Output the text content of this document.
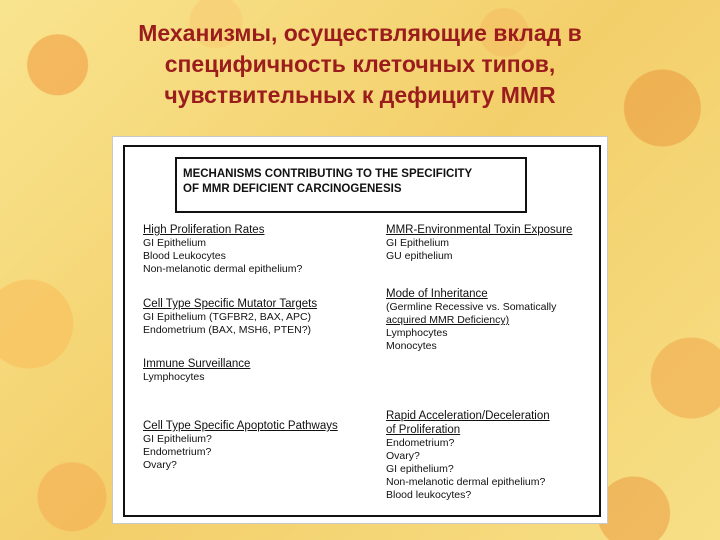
Механизмы, осуществляющие вклад в
специфичность клеточных типов,
чувствительных к дефициту MMR
MECHANISMS CONTRIBUTING TO THE SPECIFICITY
OF MMR DEFICIENT CARCINOGENESIS
High Proliferation Rates
GI Epithelium
Blood Leukocytes
Non-melanotic dermal epithelium?
Cell Type Specific Mutator Targets
GI Epithelium (TGFBR2, BAX, APC)
Endometrium (BAX, MSH6, PTEN?)
Immune Surveillance
Lymphocytes
Cell Type Specific Apoptotic Pathways
GI Epithelium?
Endometrium?
Ovary?
MMR-Environmental Toxin Exposure
GI Epithelium
GU epithelium
Mode of Inheritance
(Germline Recessive vs. Somatically
acquired MMR Deficiency)
Lymphocytes
Monocytes
Rapid Acceleration/Deceleration
of Proliferation
Endometrium?
Ovary?
GI epithelium?
Non-melanotic dermal epithelium?
Blood leukocytes?
